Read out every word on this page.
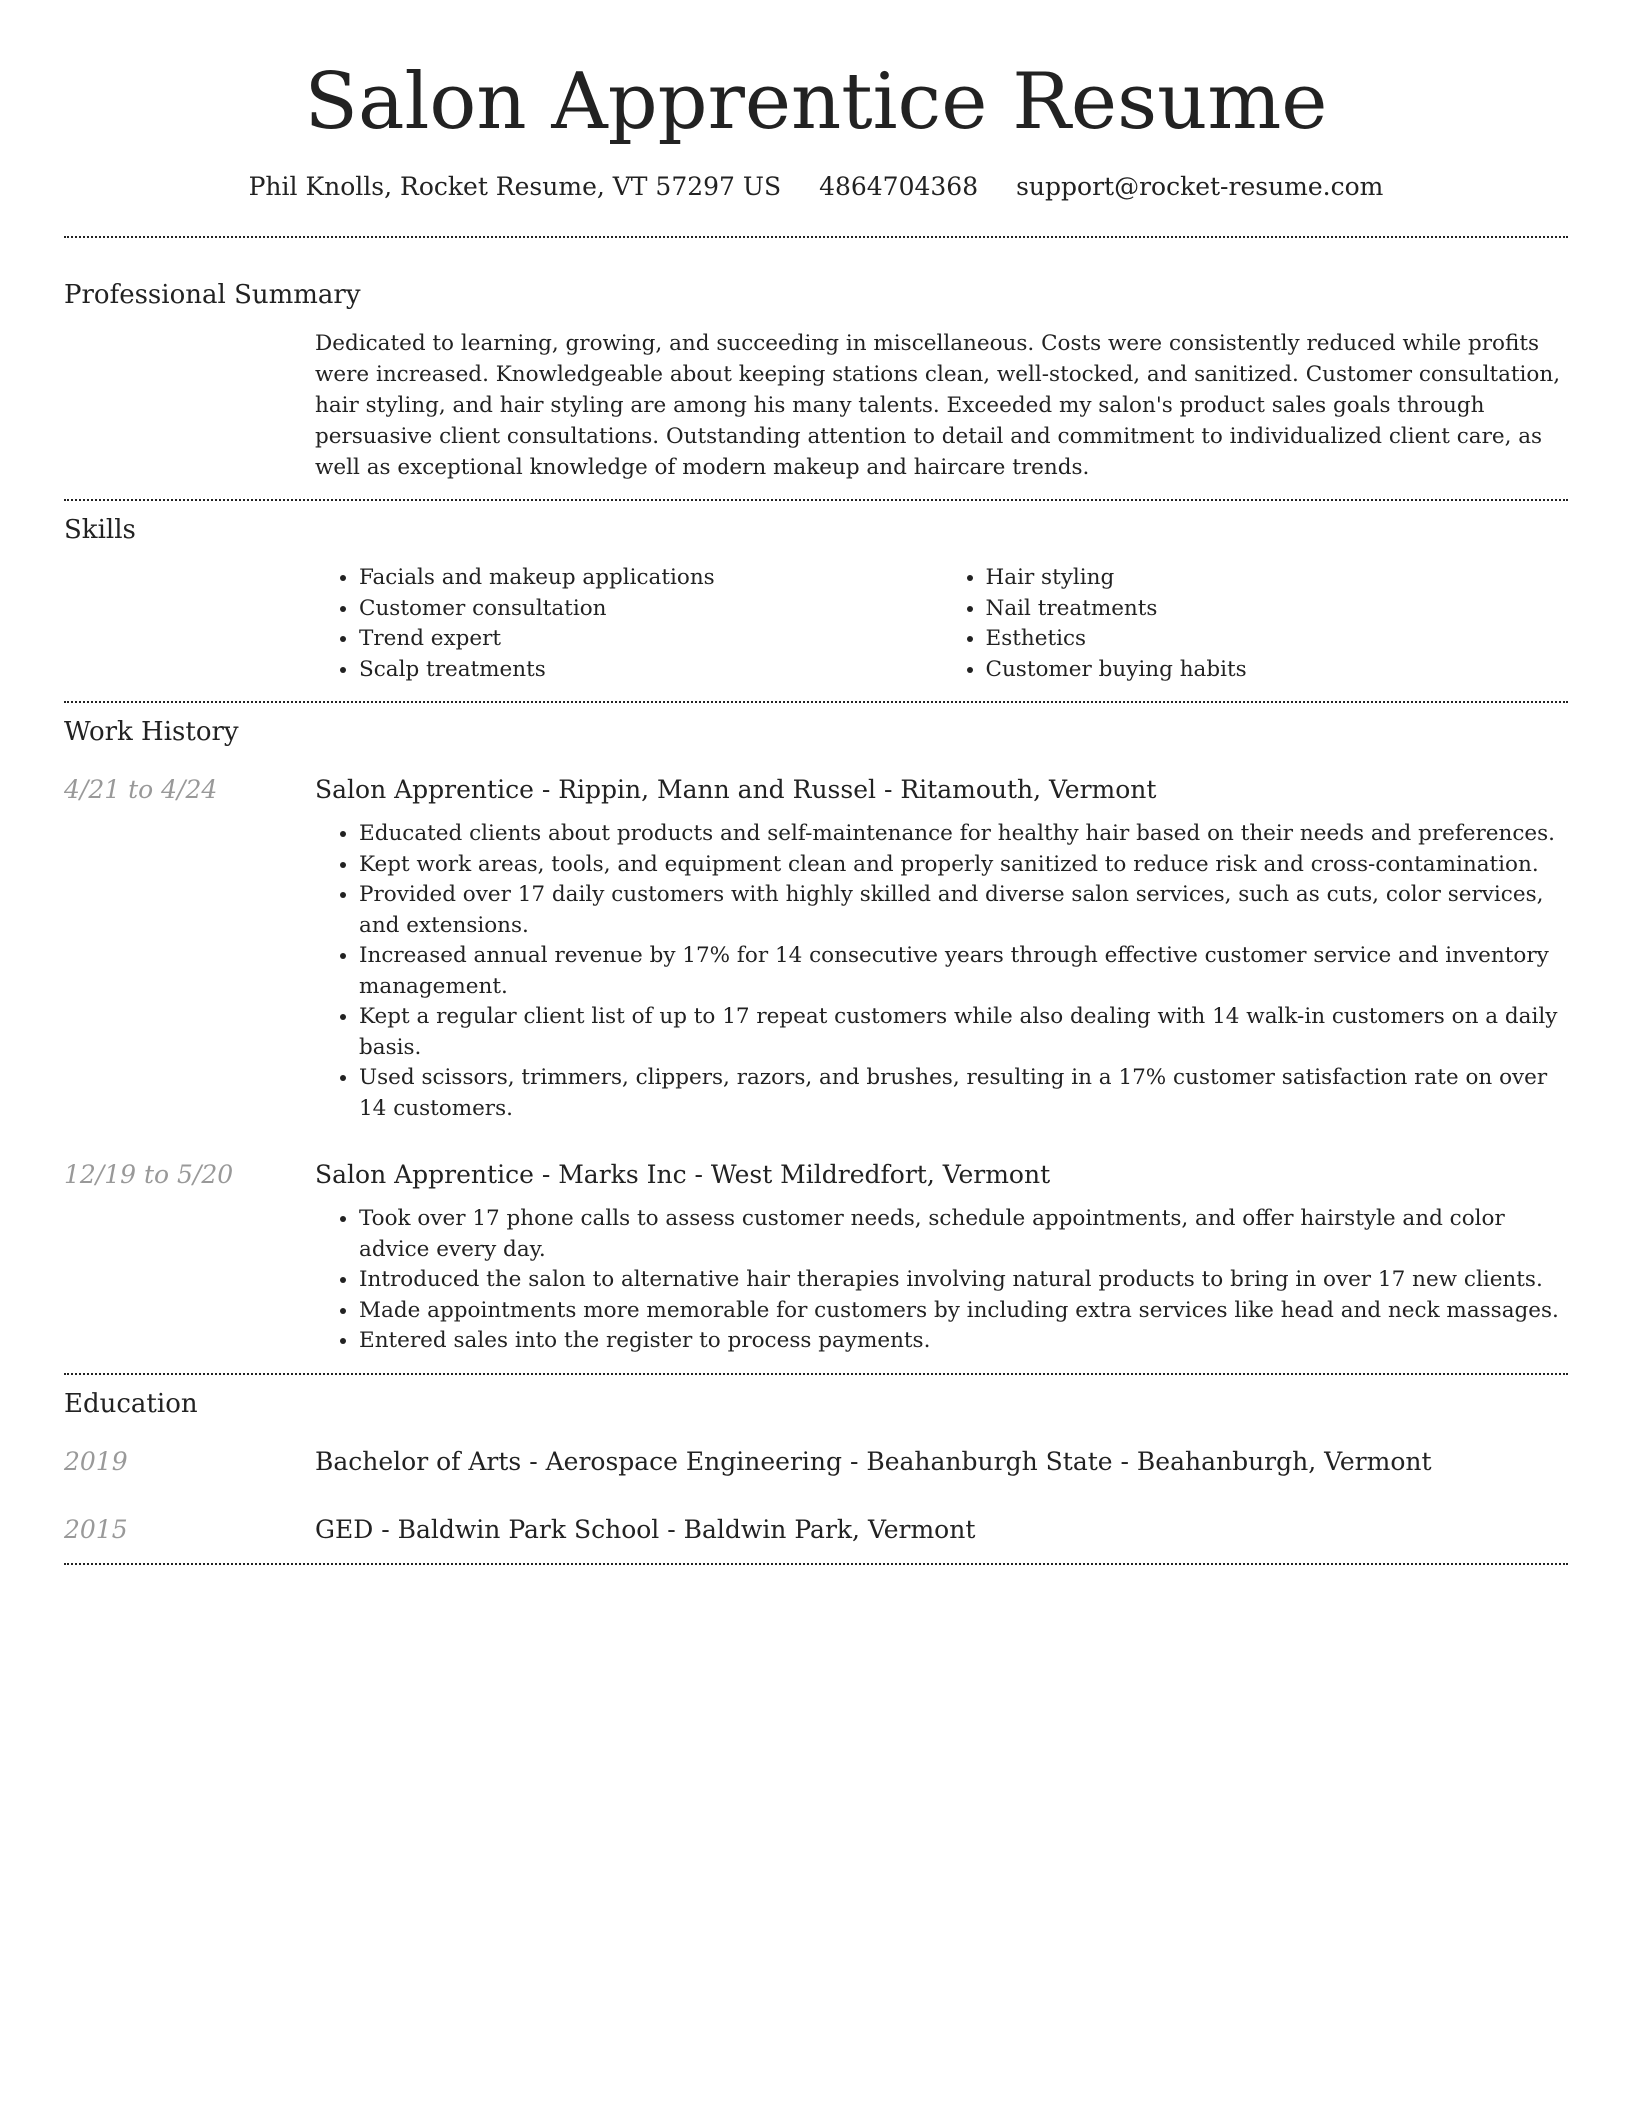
Salon Apprentice Resume
Phil Knolls, Rocket Resume, VT 57297 US 4864704368 support@rocket-resume.com
Professional Summary

Dedicated to learning, growing, and succeeding in miscellaneous. Costs were consistently reduced while profits were increased. Knowledgeable about keeping stations clean, well-stocked, and sanitized. Customer consultation, hair styling, and hair styling are among his many talents. Exceeded my salon's product sales goals through persuasive client consultations. Outstanding attention to detail and commitment to individualized client care, as well as exceptional knowledge of modern makeup and haircare trends.

Skills
• Facials and makeup applications
• Customer consultation
• Trend expert
• Scalp treatments
• Hair styling
• Nail treatments
• Esthetics
• Customer buying habits
Work History
4/21 to 4/24	Salon Apprentice - Rippin, Mann and Russel - Ritamouth, Vermont
• Educated clients about products and self-maintenance for healthy hair based on their needs and preferences.
• Kept work areas, tools, and equipment clean and properly sanitized to reduce risk and cross-contamination.
• Provided over 17 daily customers with highly skilled and diverse salon services, such as cuts, color services, and extensions.
• Increased annual revenue by 17% for 14 consecutive years through effective customer service and inventory management.
• Kept a regular client list of up to 17 repeat customers while also dealing with 14 walk-in customers on a daily basis.
• Used scissors, trimmers, clippers, razors, and brushes, resulting in a 17% customer satisfaction rate on over 14 customers.
12/19 to 5/20	Salon Apprentice - Marks Inc - West Mildredfort, Vermont
• Took over 17 phone calls to assess customer needs, schedule appointments, and offer hairstyle and color advice every day.
• Introduced the salon to alternative hair therapies involving natural products to bring in over 17 new clients.
• Made appointments more memorable for customers by including extra services like head and neck massages.
• Entered sales into the register to process payments.
Education
2019	Bachelor of Arts - Aerospace Engineering - Beahanburgh State - Beahanburgh, Vermont
2015	GED - Baldwin Park School - Baldwin Park, Vermont
